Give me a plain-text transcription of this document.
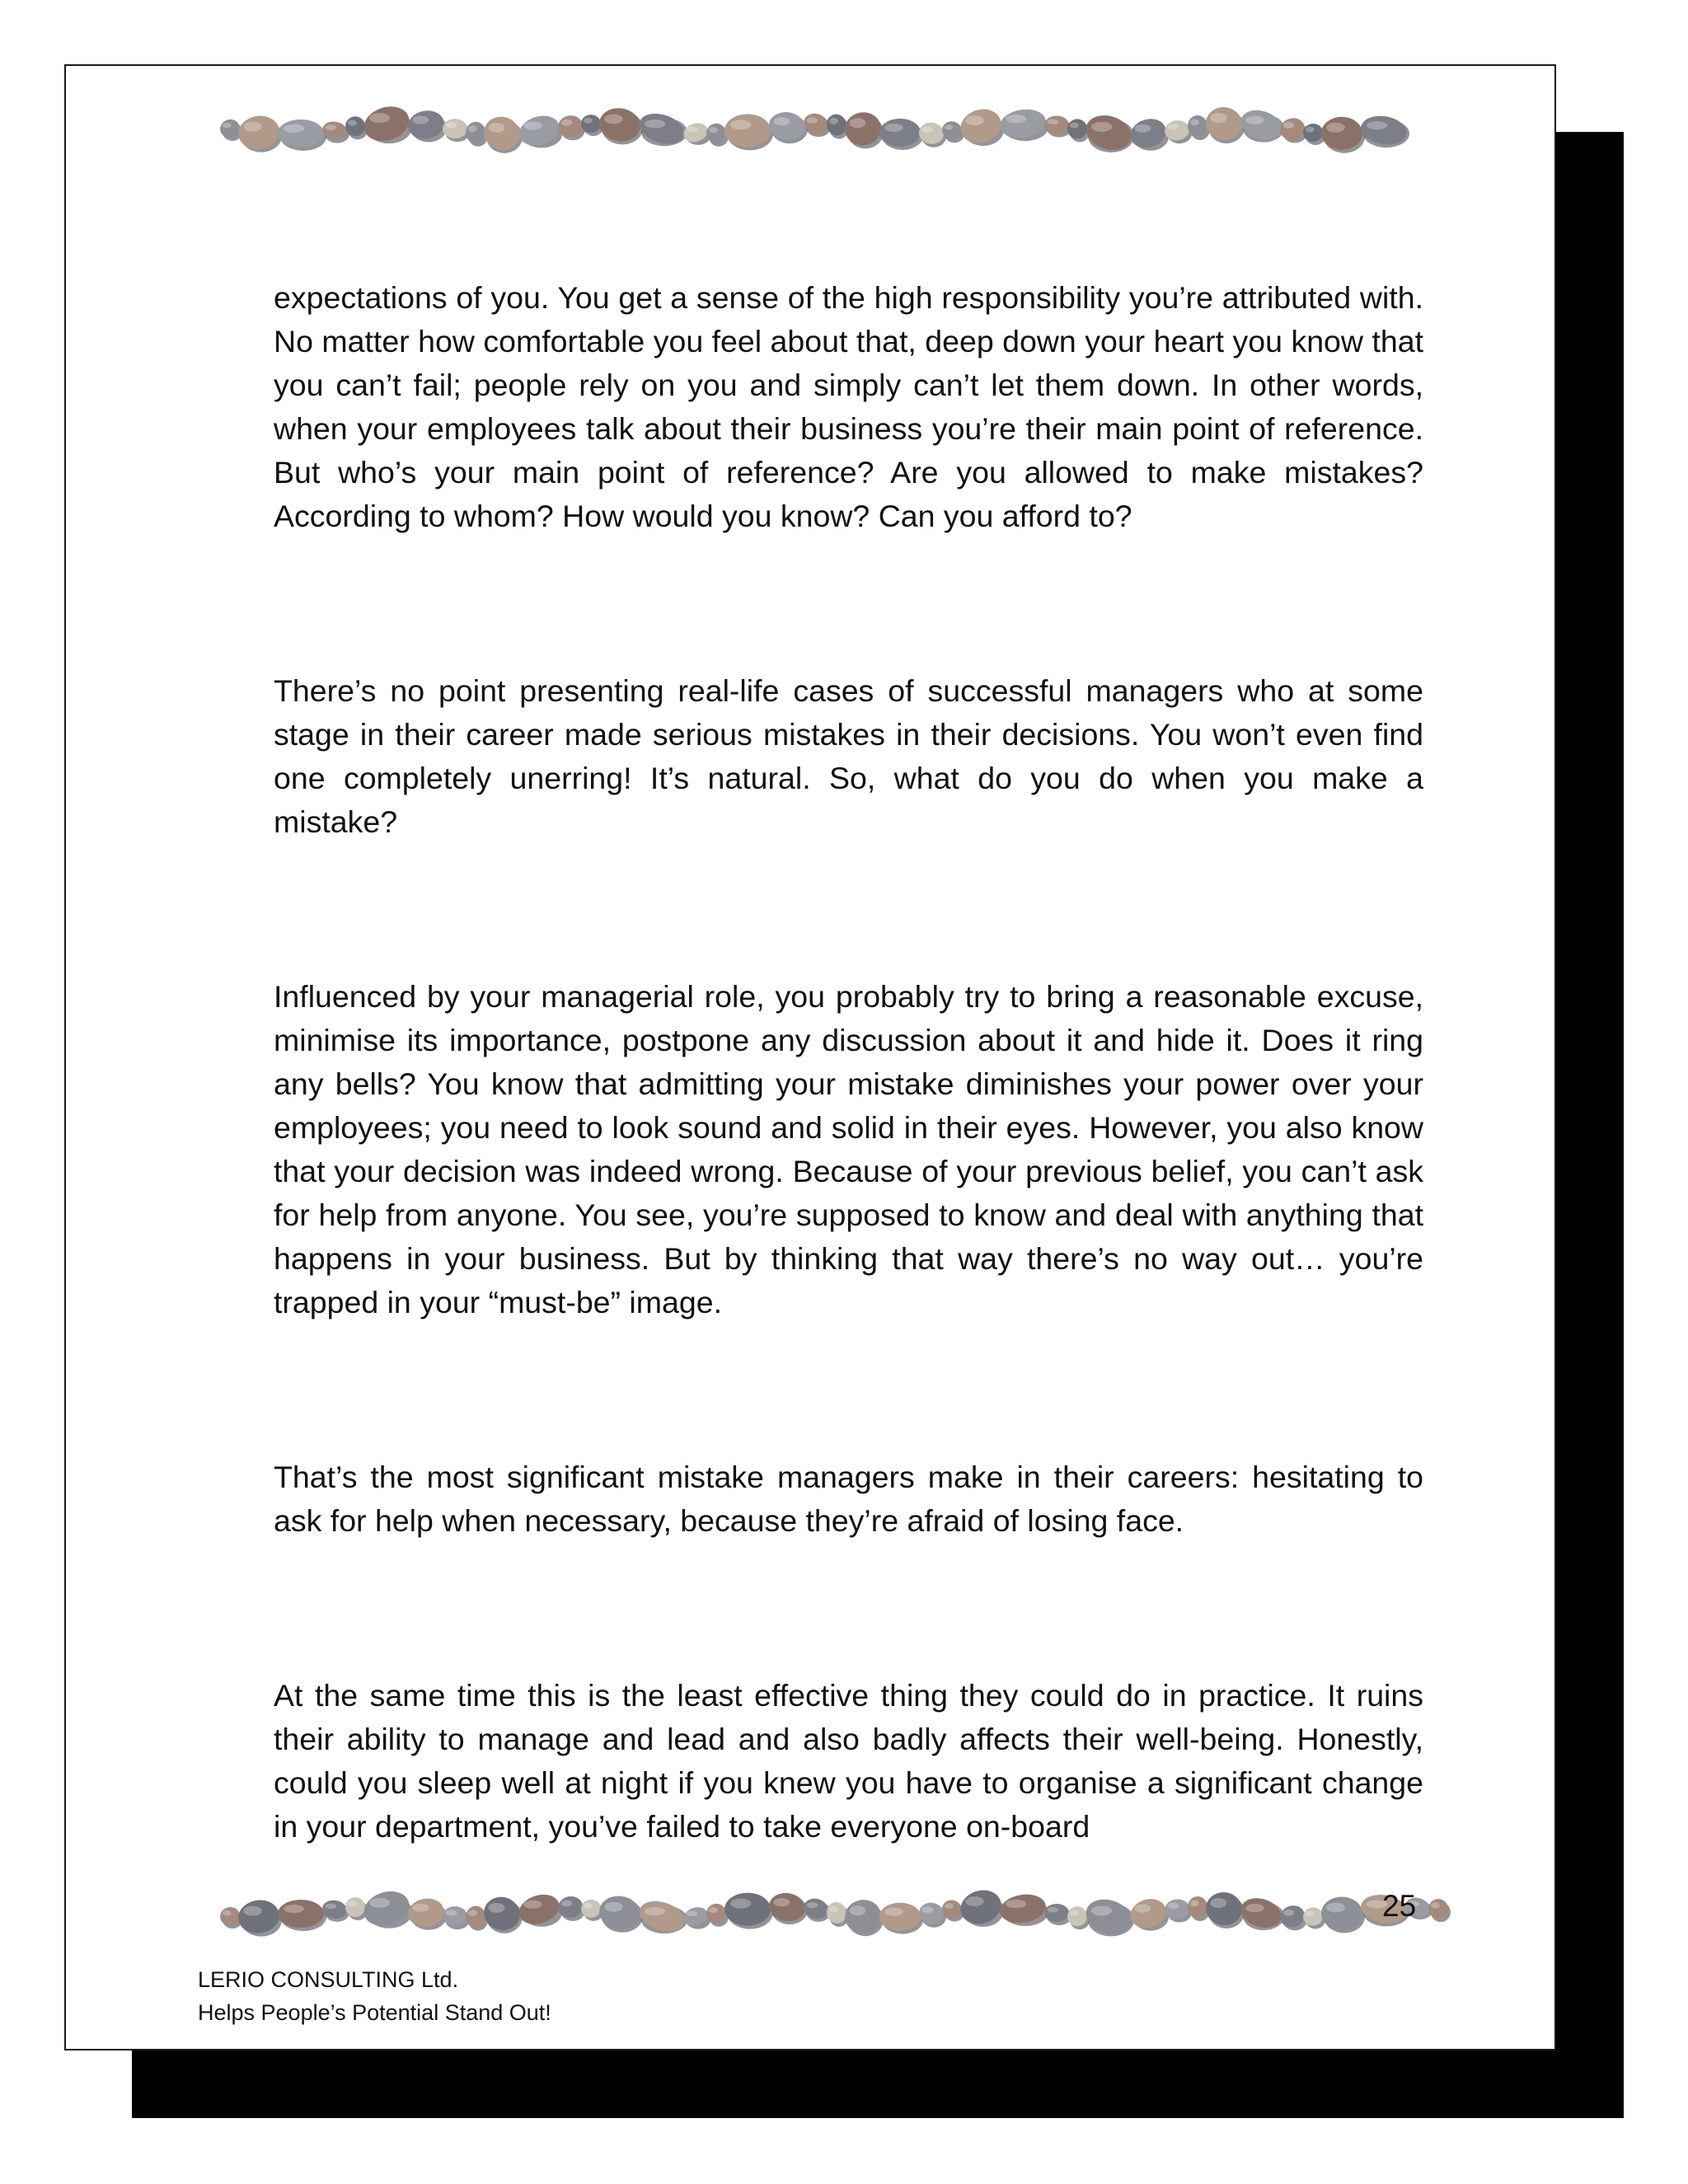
expectations of you. You get a sense of the high responsibility you’re attributed with. No matter how comfortable you feel about that, deep down your heart you know that you can’t fail; people rely on you and simply can’t let them down. In other words, when your employees talk about their business you’re their main point of reference. But who’s your main point of reference? Are you allowed to make mistakes? According to whom? How would you know? Can you afford to?

There’s no point presenting real-life cases of successful managers who at some stage in their career made serious mistakes in their decisions. You won’t even find one completely unerring! It’s natural. So, what do you do when you make a mistake?

Influenced by your managerial role, you probably try to bring a reasonable excuse, minimise its importance, postpone any discussion about it and hide it. Does it ring any bells? You know that admitting your mistake diminishes your power over your employees; you need to look sound and solid in their eyes. However, you also know that your decision was indeed wrong. Because of your previous belief, you can’t ask for help from anyone. You see, you’re supposed to know and deal with anything that happens in your business. But by thinking that way there’s no way out… you’re trapped in your “must-be” image.

That’s the most significant mistake managers make in their careers: hesitating to ask for help when necessary, because they’re afraid of losing face.

At the same time this is the least effective thing they could do in practice. It ruins their ability to manage and lead and also badly affects their well-being. Honestly, could you sleep well at night if you knew you have to organise a significant change in your department, you’ve failed to take everyone on-board

25
LERIO CONSULTING Ltd.
Helps People’s Potential Stand Out!
